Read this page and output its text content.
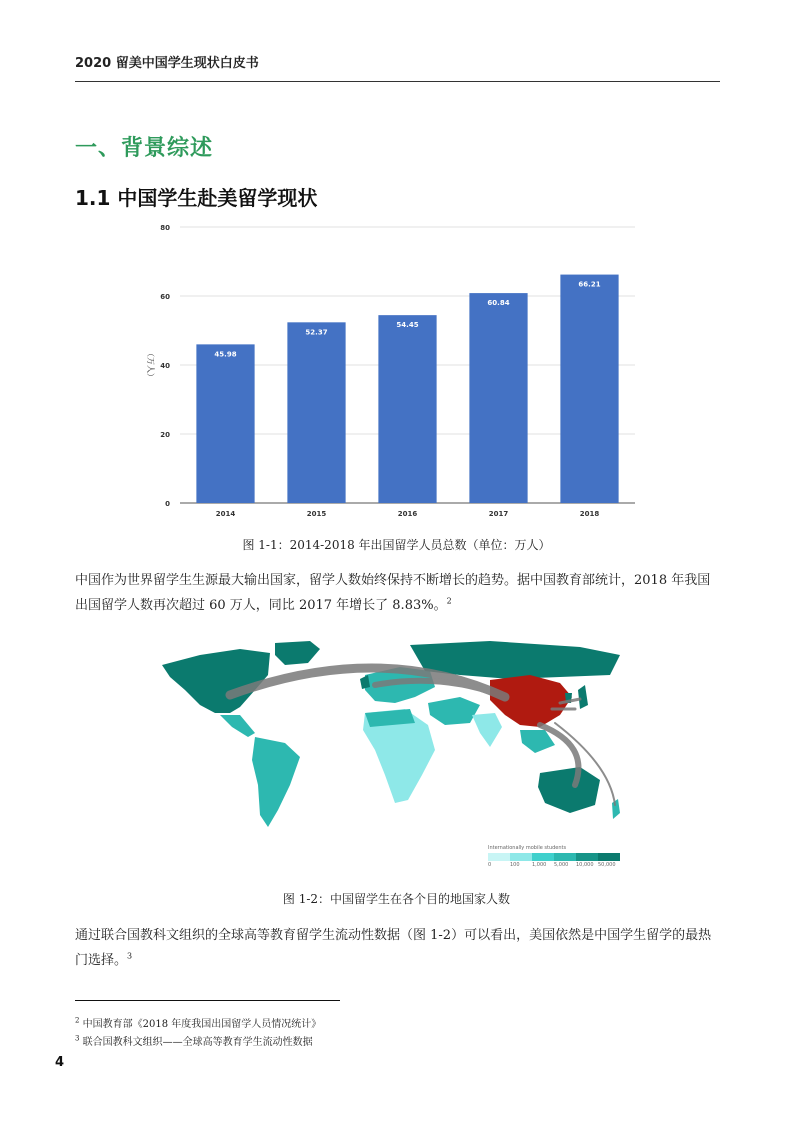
2020 留美中国学生现状白皮书
一、背景综述
1.1 中国学生赴美留学现状
0
20
40
60
80
（万人）	45.98
2014
52.37
2015
54.45
2016
60.84
2017
66.21
2018
图 1-1：2014-2018 年出国留学人员总数（单位：万人）
中国作为世界留学生生源最大输出国家，留学人数始终保持不断增长的趋势。据中国教育部统计，2018 年我国出国留学人数再次超过 60 万人，同比 2017 年增长了 8.83%。$^2$
Internationally mobile students
0	100	1,000	5,000	10,000 50,000
图 1-2：中国留学生在各个目的地国家人数
通过联合国教科文组织的全球高等教育留学生流动性数据（图 1-2）可以看出，美国依然是中国学生留学的最热门选择。$^3$
$^2$ 中国教育部《2018 年度我国出国留学人员情况统计》
$^3$ 联合国教科文组织——全球高等教育学生流动性数据
4
